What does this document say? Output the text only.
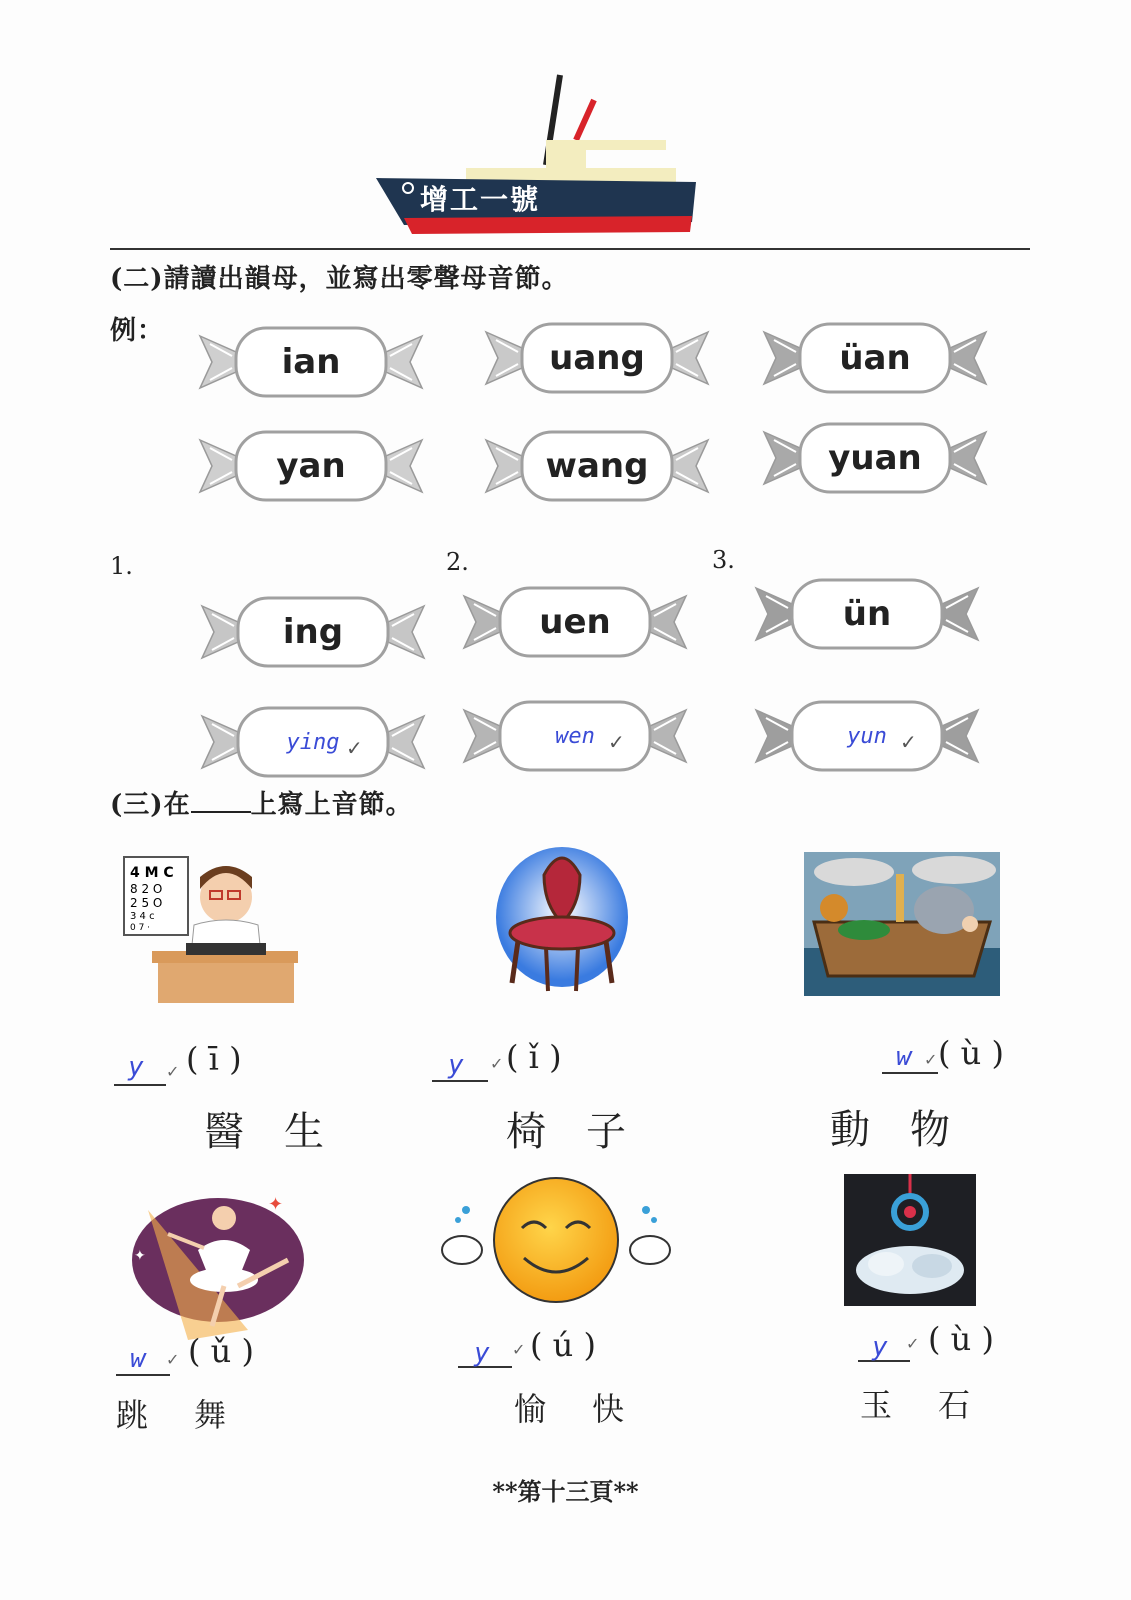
增工一號
(二)請讀出韻母，並寫出零聲母音節。
例：
ian	uang	üan
yan	wang	yuan
ing	uen	ün
ying ✓	wen ✓	yun ✓
1.	2.	3.
(三)在 上寫上音節。
4 M C
8 2 O
2 5 O
3 4 c
0 7 ·
y ✓ ( ī )
醫生
y ✓ ( ǐ )
椅子
w ✓ ( ù )
動物
✦
✦
w ✓ ( ǔ )
跳舞
y ✓ ( ú )
愉快
y ✓ ( ù )
玉石
**第十三頁**
